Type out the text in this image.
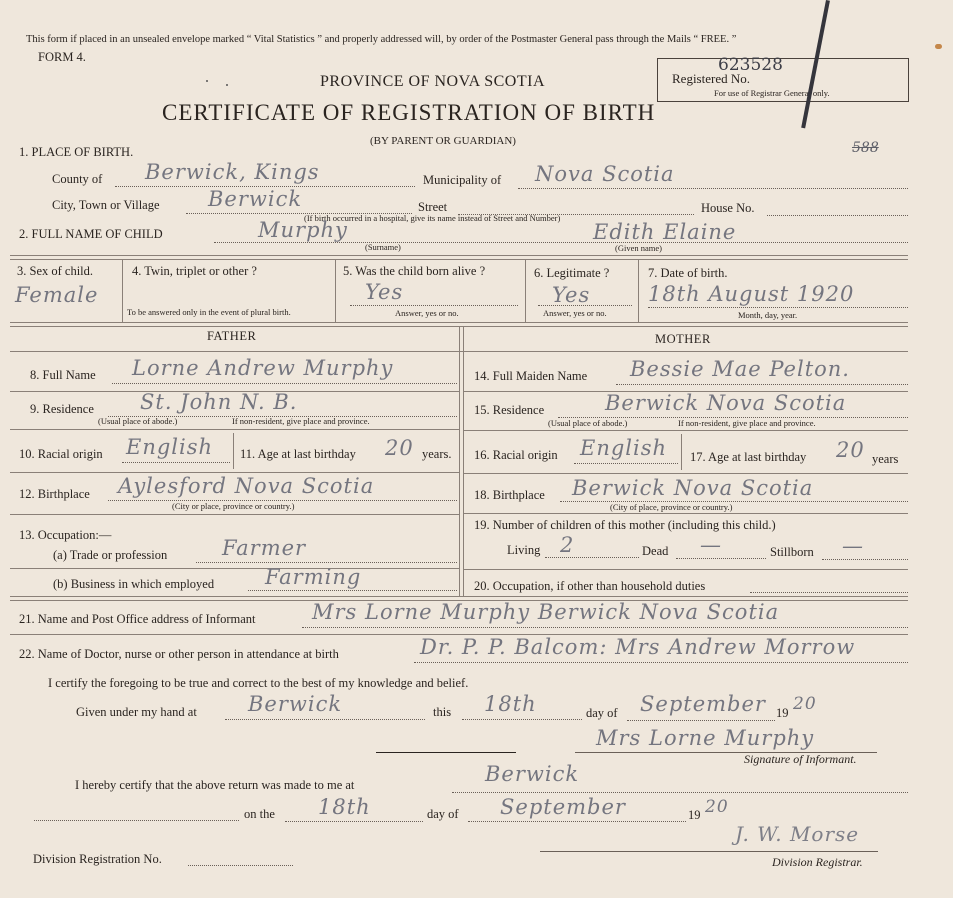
This form if placed in an unsealed envelope marked “ Vital Statistics ” and properly addressed will, by order of the Postmaster General pass through the Mails “ FREE. ”
FORM 4.
PROVINCE OF NOVA SCOTIA
CERTIFICATE OF REGISTRATION OF BIRTH
(BY PARENT OR GUARDIAN)
Registered No.
623528
For use of Registrar General only.
588
1. PLACE OF BIRTH.
County of Berwick, Kings	Municipality of Nova Scotia
City, Town or Village Berwick	Street	House No.
(If birth occurred in a hospital, give its name instead of Street and Number)
2. FULL NAME OF CHILD	Murphy
(Surname)
Edith Elaine
(Given name)
3. Sex of child.
Female
4. Twin, triplet or other ?
To be answered only in the event of plural birth.
5. Was the child born alive ?
Yes
Answer, yes or no.
6. Legitimate ?
Yes
Answer, yes or no.
7. Date of birth.
18th August 1920
Month, day, year.
FATHER	MOTHER
8. Full Name Lorne Andrew Murphy
9. Residence St. John N. B.
(Usual place of abode.)	If non-resident, give place and province.
10. Racial origin English 11. Age at last birthday 20 years.
12. Birthplace Aylesford Nova Scotia
(City or place, province or country.)
13. Occupation:—
(a) Trade or profession	Farmer
(b) Business in which employed Farming
14. Full Maiden Name Bessie Mae Pelton.
15. Residence	Berwick Nova Scotia
(Usual place of abode.)	If non-resident, give place and province.
16. Racial origin English 17. Age at last birthday 20 years
18. Birthplace Berwick Nova Scotia
(City of place, province or country.)
19. Number of children of this mother (including this child.)
Living 2	Dead —	Stillborn —
20. Occupation, if other than household duties
21. Name and Post Office address of Informant	Mrs Lorne Murphy Berwick Nova Scotia
22. Name of Doctor, nurse or other person in attendance at birth	Dr. P. P. Balcom: Mrs Andrew Morrow
I certify the foregoing to be true and correct to the best of my knowledge and belief.
Given under my hand at Berwick	this 18th	day of September 19 20
Mrs Lorne Murphy
Signature of Informant.
I hereby certify that the above return was made to me at	Berwick
on the 18th	day of September	19 20
J. W. Morse
Division Registration No.	Division Registrar.
